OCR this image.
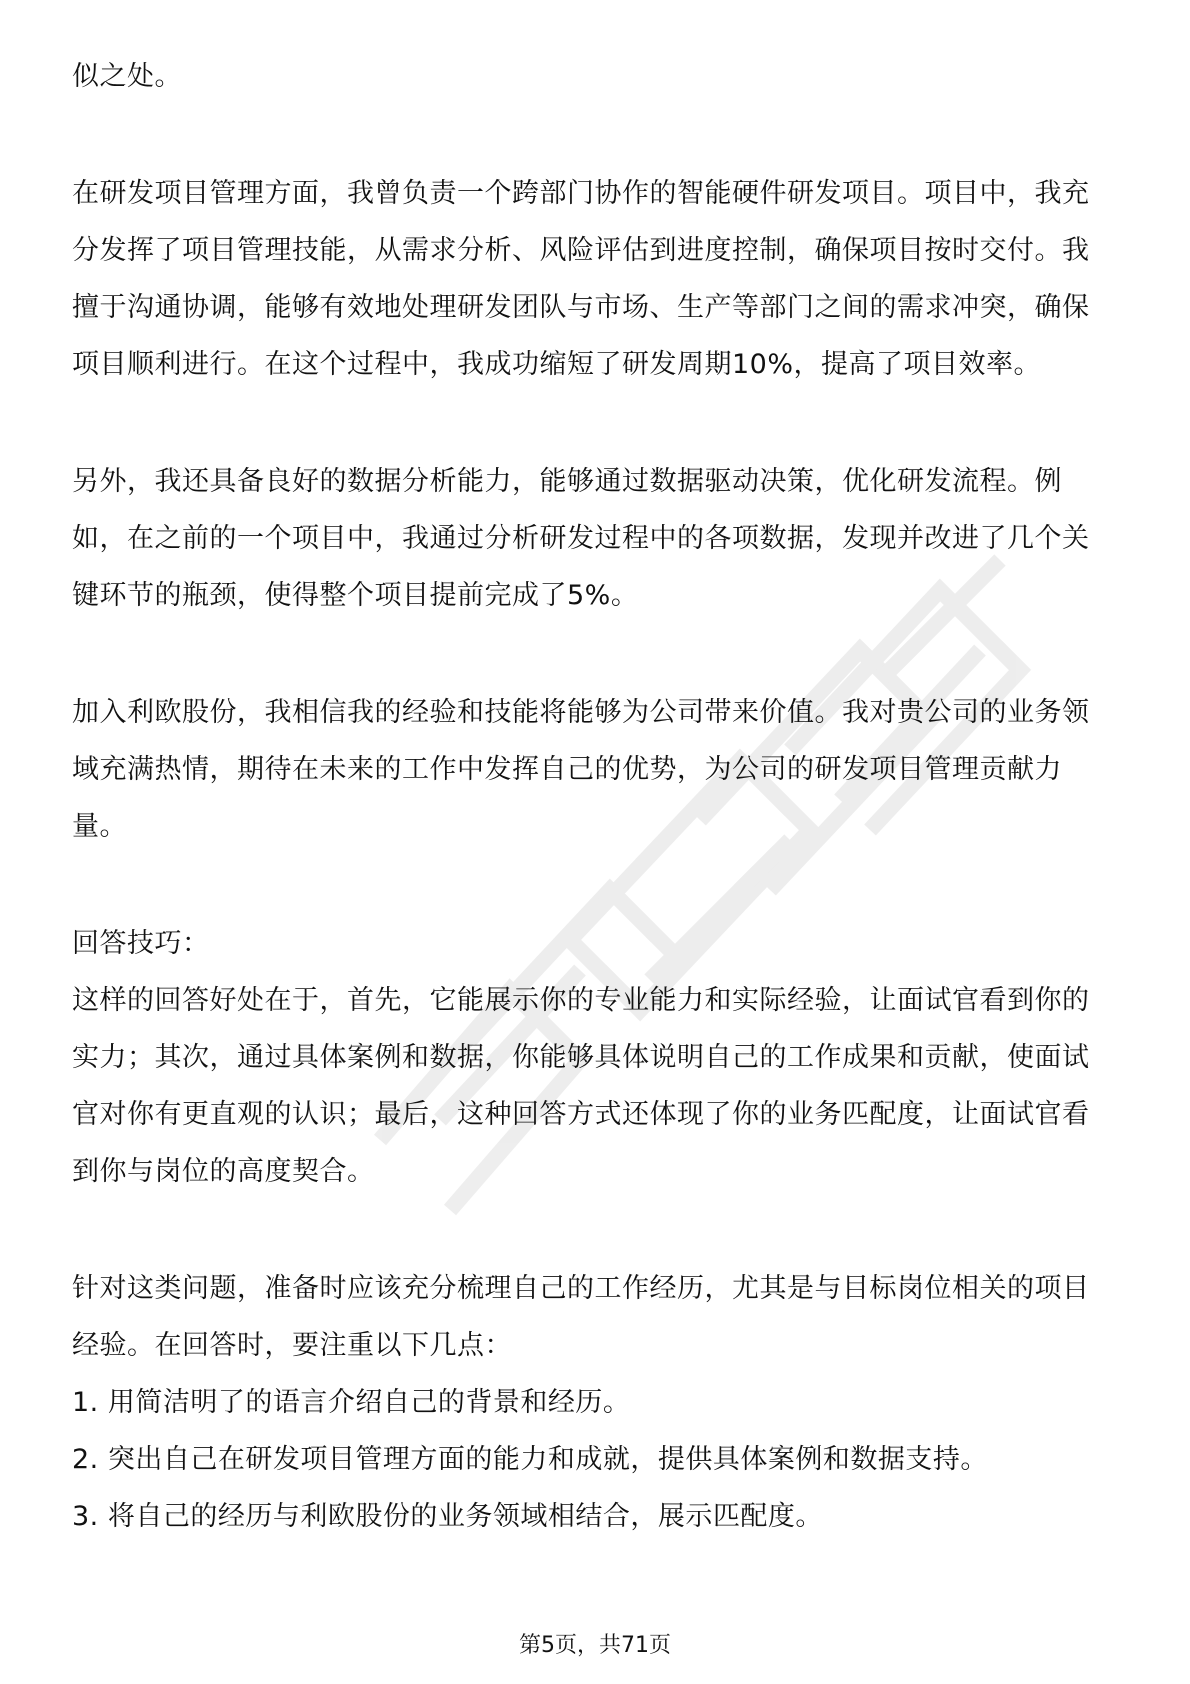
似之处。

在研发项目管理方面，我曾负责一个跨部门协作的智能硬件研发项目。项目中，我充分发挥了项目管理技能，从需求分析、风险评估到进度控制，确保项目按时交付。我擅于沟通协调，能够有效地处理研发团队与市场、生产等部门之间的需求冲突，确保项目顺利进行。在这个过程中，我成功缩短了研发周期10%，提高了项目效率。

另外，我还具备良好的数据分析能力，能够通过数据驱动决策，优化研发流程。例如，在之前的一个项目中，我通过分析研发过程中的各项数据，发现并改进了几个关键环节的瓶颈，使得整个项目提前完成了5%。

加入利欧股份，我相信我的经验和技能将能够为公司带来价值。我对贵公司的业务领域充满热情，期待在未来的工作中发挥自己的优势，为公司的研发项目管理贡献力量。

回答技巧：

这样的回答好处在于，首先，它能展示你的专业能力和实际经验，让面试官看到你的实力；其次，通过具体案例和数据，你能够具体说明自己的工作成果和贡献，使面试官对你有更直观的认识；最后，这种回答方式还体现了你的业务匹配度，让面试官看到你与岗位的高度契合。

针对这类问题，准备时应该充分梳理自己的工作经历，尤其是与目标岗位相关的项目经验。在回答时，要注重以下几点：

1. 用简洁明了的语言介绍自己的背景和经历。

2. 突出自己在研发项目管理方面的能力和成就，提供具体案例和数据支持。

3. 将自己的经历与利欧股份的业务领域相结合，展示匹配度。

第5页，共71页
